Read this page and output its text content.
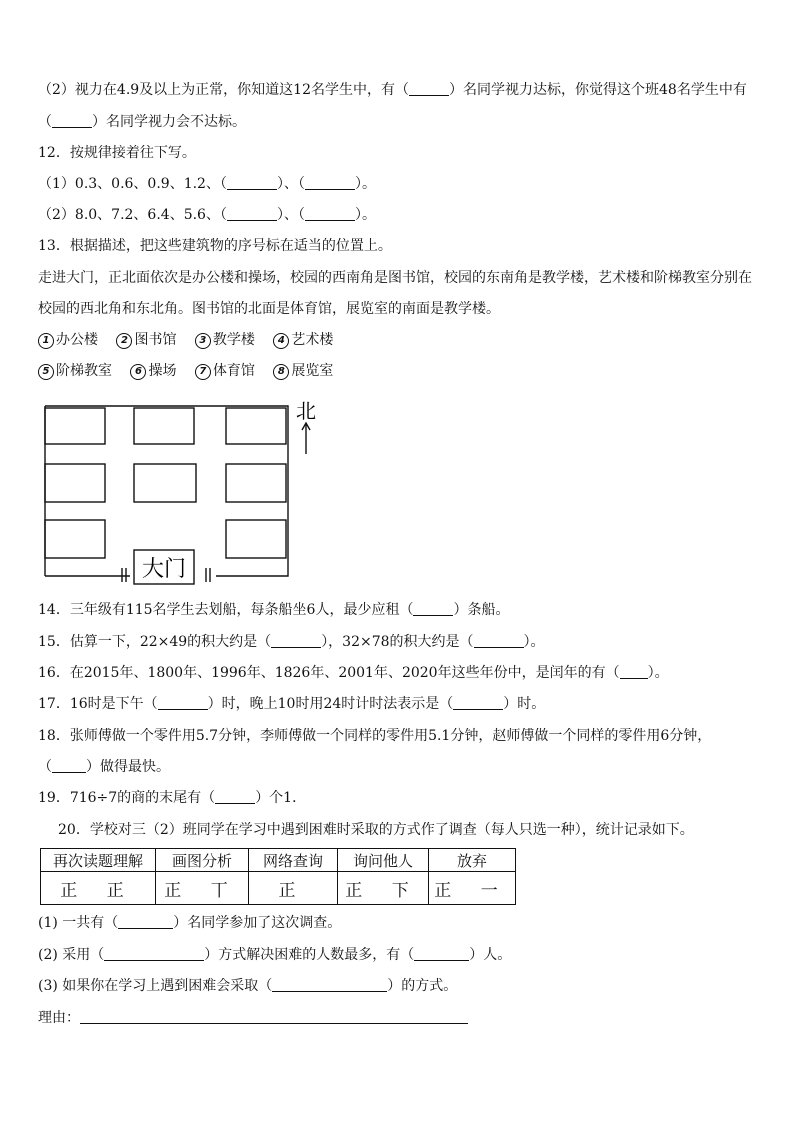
（2）视力在4.9及以上为正常，你知道这12名学生中，有（	）名同学视力达标，你觉得这个班48名学生中有
（	）名同学视力会不达标。
12．按规律接着往下写。
（1）0.3、0.6、0.9、1.2、（	）、（	）。
（2）8.0、7.2、6.4、5.6、（	）、（	）。
13．根据描述，把这些建筑物的序号标在适当的位置上。
走进大门，正北面依次是办公楼和操场，校园的西南角是图书馆，校园的东南角是教学楼，艺术楼和阶梯教室分别在
校园的西北角和东北角。图书馆的北面是体育馆，展览室的南面是教学楼。
1 办公楼 2 图书馆 3 教学楼 4 艺术楼
5 阶梯教室 6 操场 7 体育馆 8 展览室
大门
北
14．三年级有115名学生去划船，每条船坐6人，最少应租（	）条船。
15．估算一下，22×49的积大约是（	），32×78的积大约是（	）。
16．在2015年、1800年、1996年、1826年、2001年、2020年这些年份中，是闰年的有（ ）。
17．16时是下午（	）时，晚上10时用24时计时法表示是（	）时。
18．张师傅做一个零件用5.7分钟，李师傅做一个同样的零件用5.1分钟，赵师傅做一个同样的零件用6分钟，
（ ）做得最快。
19．716÷7的商的末尾有（	）个1．
20．学校对三（2）班同学在学习中遇到困难时采取的方式作了调查（每人只选一种），统计记录如下。
再次读题理解	画图分析	网络查询	询问他人	放弃
正 正	正 丅	正	正 下	正 一
(1) 一共有（	）名同学参加了这次调查。
(2) 采用（	）方式解决困难的人数最多，有（	）人。
(3) 如果你在学习上遇到困难会采取（	）的方式。
理由：
